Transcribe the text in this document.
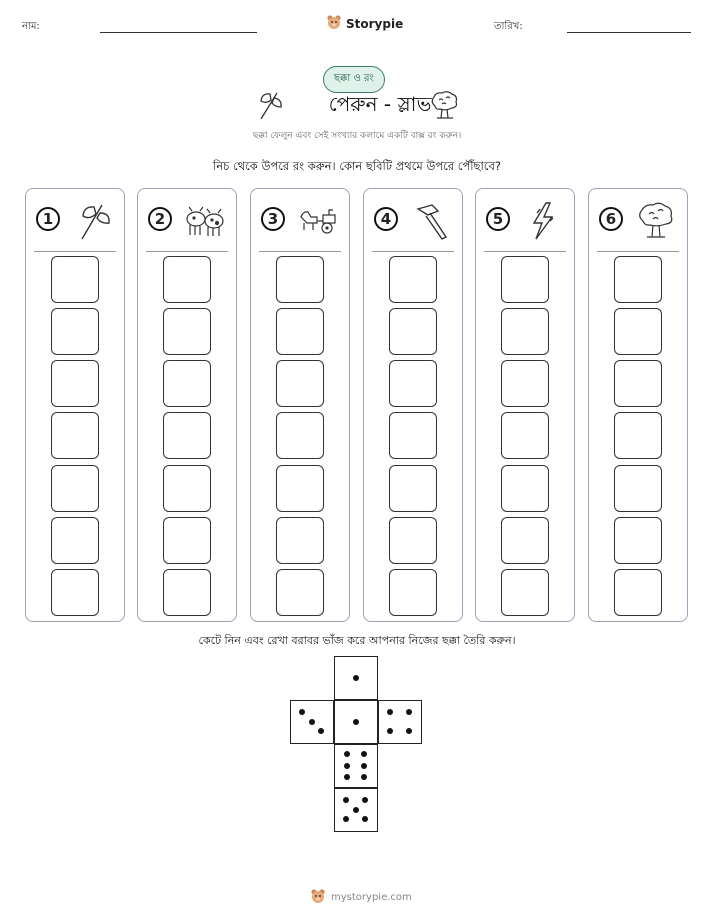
নাম:	Storypie	তারিখ:
ছক্কা ও রং
পেরুন - স্লাভ
ছক্কা ফেলুন এবং সেই সংখ্যার কলামে একটি বাক্স রং করুন।
নিচ থেকে উপরে রং করুন। কোন ছবিটি প্রথমে উপরে পৌঁছাবে?
1	2	3	4	5	6
কেটে নিন এবং রেখা বরাবর ভাঁজ করে আপনার নিজের ছক্কা তৈরি করুন।
mystorypie.com
